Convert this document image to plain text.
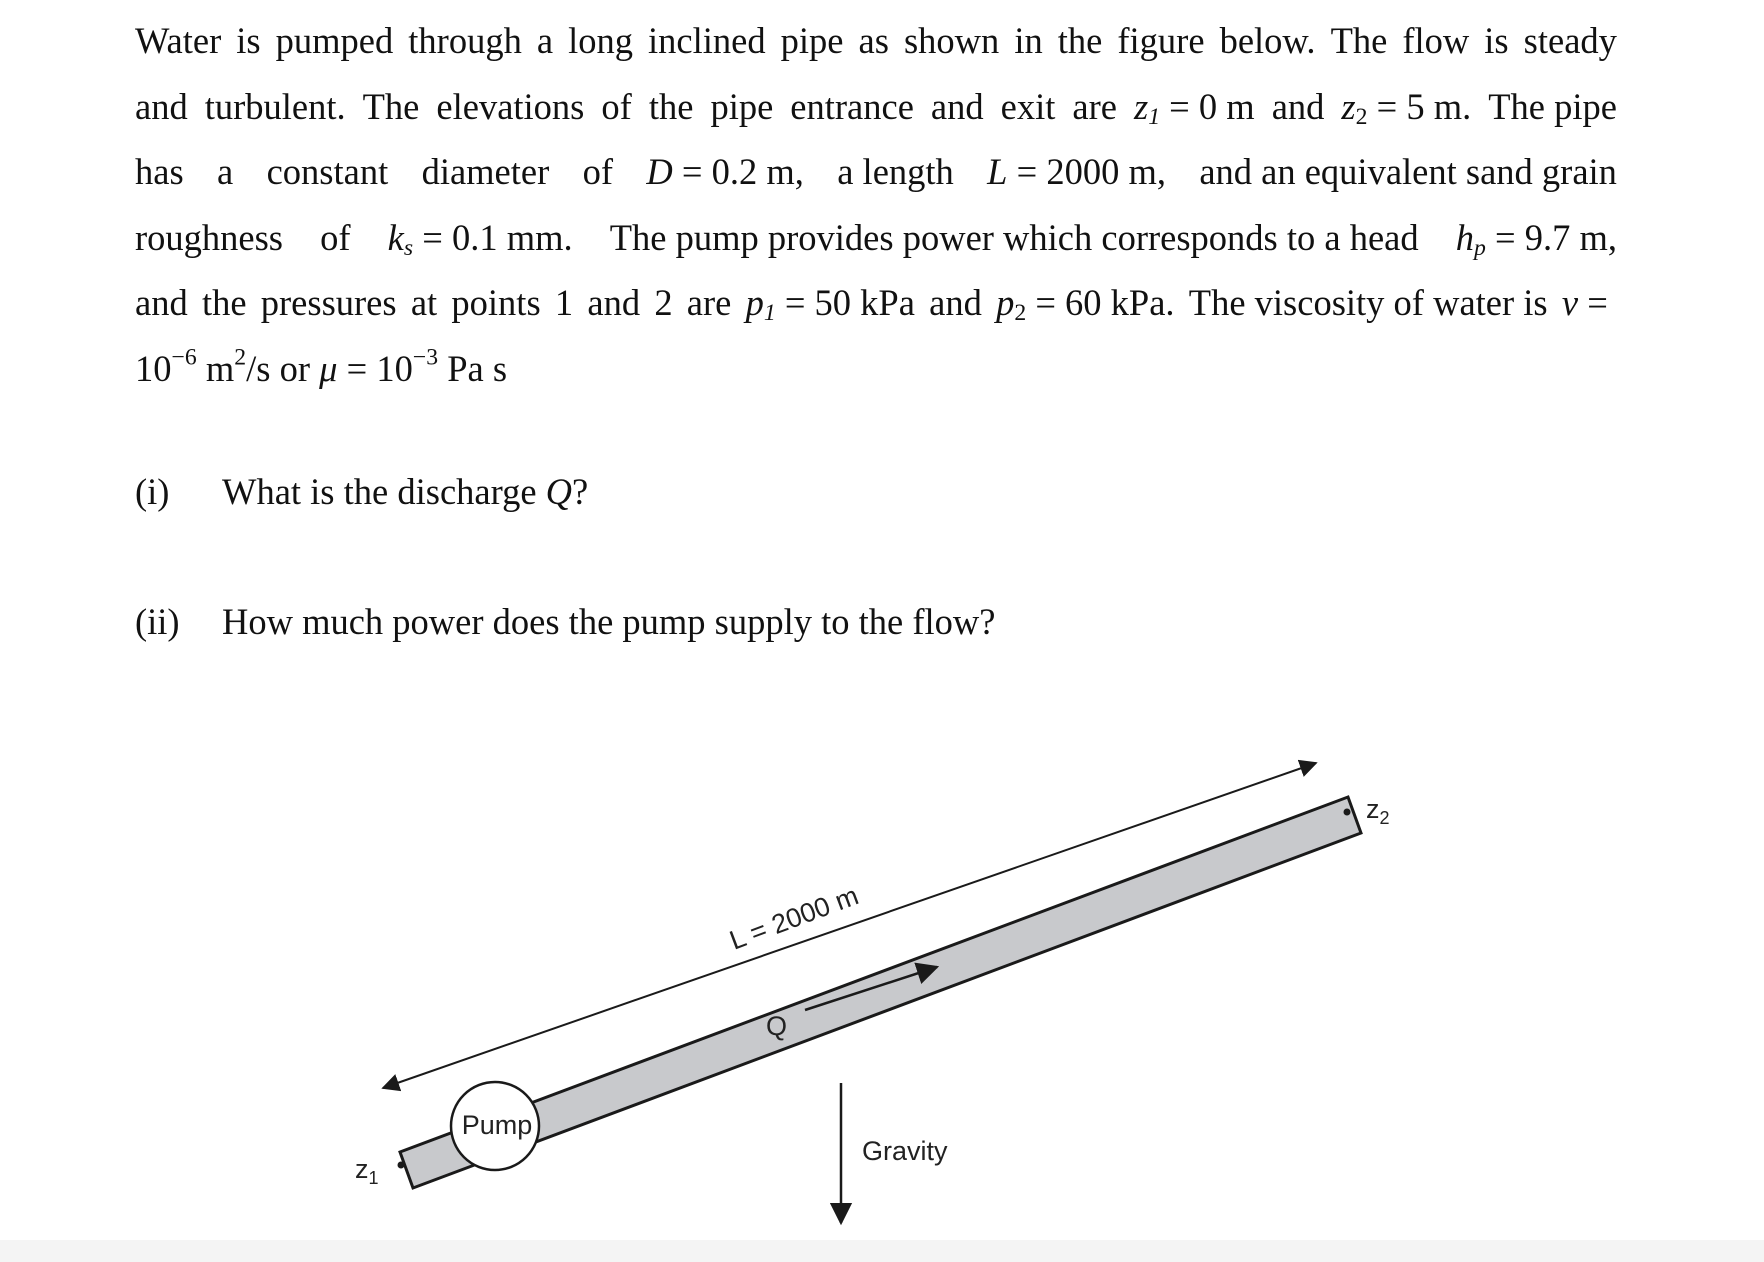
Water is pumped through a long inclined pipe as shown in the figure below. The flow is steady
and turbulent. The elevations of the pipe entrance and exit are $z_1 = 0$ m and $z_2 = 5$ m. The pipe
has a constant diameter of D = 0.2 m, a length L = 2000 m, and an equivalent sand grain
roughness of $k_s = 0.1$ mm. The pump provides power which corresponds to a head $h_p = 9.7$ m,
and the pressures at points 1 and 2 are $p_1 = 50$ kPa and $p_2 = 60$ kPa. The viscosity of water is ν =
$10^{-6}$ $m^2/s$ or $\mu = 10^{-3}$ Pa s
(i) What is the discharge Q?
(ii) How much power does the pump supply to the flow?
Pump
L = 2000 m
Q
Gravity
$z_1$
$z_2$
